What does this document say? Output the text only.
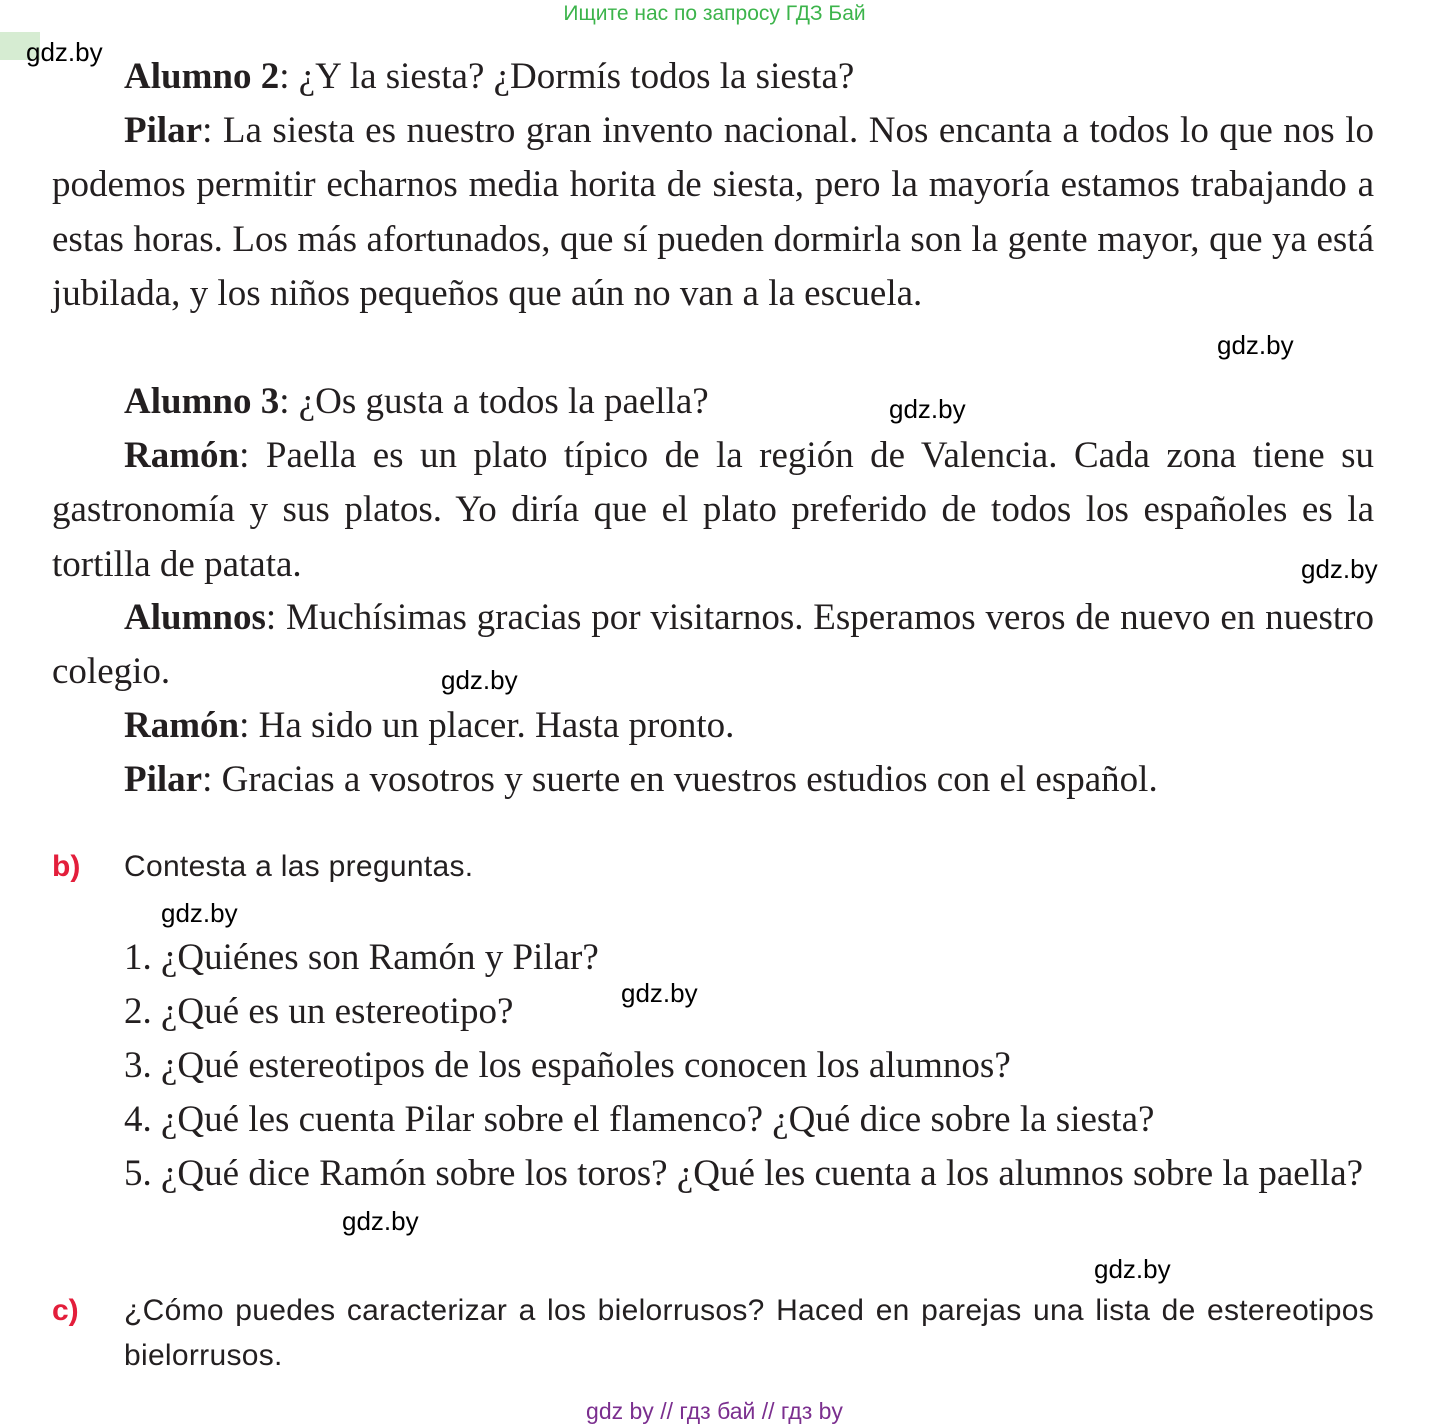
Ищите нас по запросу ГДЗ Бай
Alumno 2: ¿Y la siesta? ¿Dormís todos la siesta?
Pilar: La siesta es nuestro gran invento nacional. Nos encanta a todos lo que nos lo podemos permitir echarnos media horita de siesta, pero la mayoría estamos trabajando a estas horas. Los más afortunados, que sí pueden dormirla son la gente mayor, que ya está jubilada, y los niños pequeños que aún no van a la escuela.
Alumno 3: ¿Os gusta a todos la paella?
Ramón: Paella es un plato típico de la región de Valencia. Cada zona tiene su gastronomía y sus platos. Yo diría que el plato preferido de todos los españoles es la tortilla de patata.
Alumnos: Muchísimas gracias por visitarnos. Esperamos veros de nuevo en nuestro colegio.
Ramón: Ha sido un placer. Hasta pronto.
Pilar: Gracias a vosotros y suerte en vuestros estudios con el español.
b) Contesta a las preguntas.
1. ¿Quiénes son Ramón y Pilar?
2. ¿Qué es un estereotipo?
3. ¿Qué estereotipos de los españoles conocen los alumnos?
4. ¿Qué les cuenta Pilar sobre el flamenco? ¿Qué dice sobre la siesta?
5. ¿Qué dice Ramón sobre los toros? ¿Qué les cuenta a los alumnos sobre la paella?
c) ¿Cómo puedes caracterizar a los bielorrusos? Haced en parejas una lista de estereotipos bielorrusos.
gdz.by
gdz.by
gdz.by
gdz.by
gdz.by
gdz.by
gdz.by
gdz.by
gdz.by
gdz by // гдз бай // гдз by
